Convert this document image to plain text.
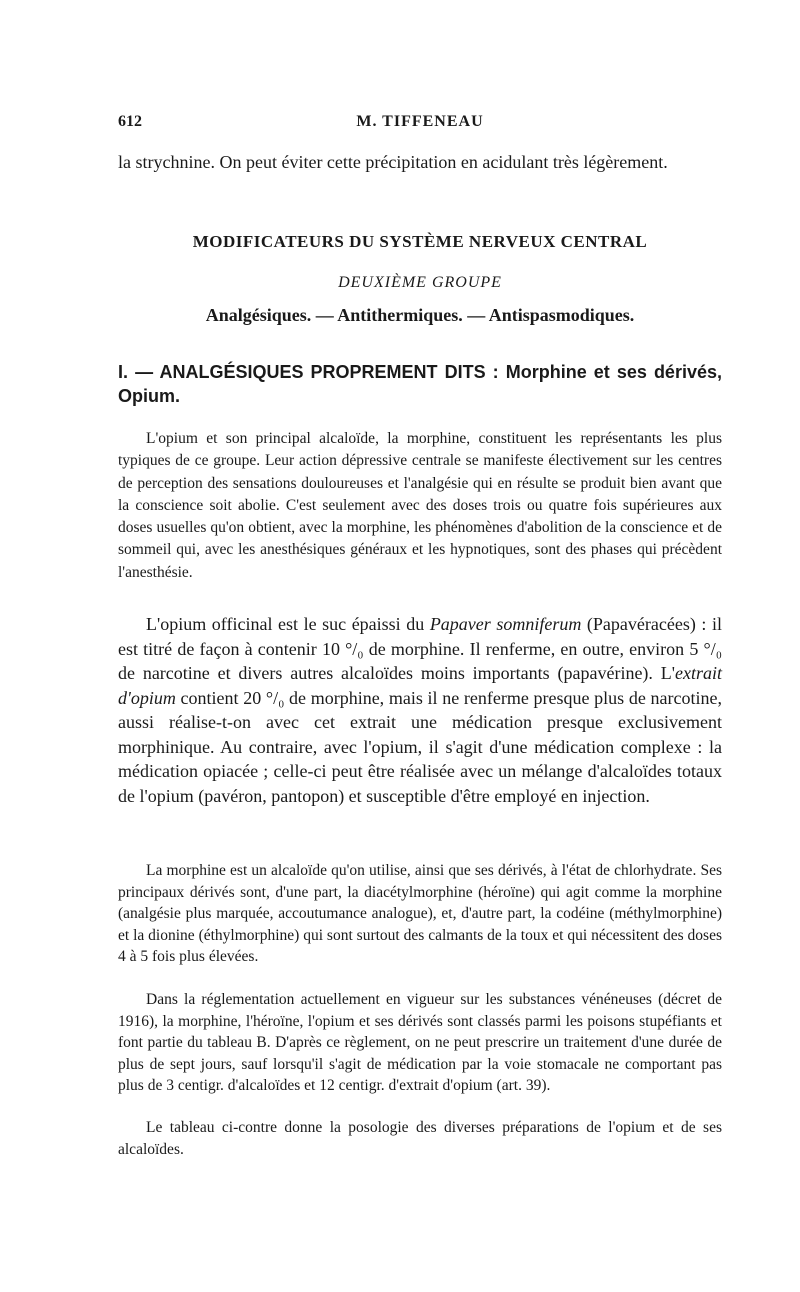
612	M. TIFFENEAU

la strychnine. On peut éviter cette précipitation en acidulant très légèrement.

MODIFICATEURS DU SYSTÈME NERVEUX CENTRAL
DEUXIÈME GROUPE
Analgésiques. — Antithermiques. — Antispasmodiques.

I. — ANALGÉSIQUES PROPREMENT DITS : Morphine et ses dérivés, Opium.

L'opium et son principal alcaloïde, la morphine, constituent les représentants les plus typiques de ce groupe. Leur action dépressive centrale se manifeste électivement sur les centres de perception des sensations douloureuses et l'analgésie qui en résulte se produit bien avant que la conscience soit abolie. C'est seulement avec des doses trois ou quatre fois supérieures aux doses usuelles qu'on obtient, avec la morphine, les phénomènes d'abolition de la conscience et de sommeil qui, avec les anesthésiques généraux et les hypnotiques, sont des phases qui précèdent l'anesthésie.

L'opium officinal est le suc épaissi du Papaver somniferum (Papavéracées) : il est titré de façon à contenir 10 °/₀ de morphine. Il renferme, en outre, environ 5 °/₀ de narcotine et divers autres alcaloïdes moins importants (papavérine). L'extrait d'opium contient 20 °/₀ de morphine, mais il ne renferme presque plus de narcotine, aussi réalise-t-on avec cet extrait une médication presque exclusivement morphinique. Au contraire, avec l'opium, il s'agit d'une médication complexe : la médication opiacée ; celle-ci peut être réalisée avec un mélange d'alcaloïdes totaux de l'opium (pavéron, pantopon) et susceptible d'être employé en injection.

La morphine est un alcaloïde qu'on utilise, ainsi que ses dérivés, à l'état de chlorhydrate. Ses principaux dérivés sont, d'une part, la diacétylmorphine (héroïne) qui agit comme la morphine (analgésie plus marquée, accoutumance analogue), et, d'autre part, la codéine (méthylmorphine) et la dionine (éthylmorphine) qui sont surtout des calmants de la toux et qui nécessitent des doses 4 à 5 fois plus élevées.

Dans la réglementation actuellement en vigueur sur les substances vénéneuses (décret de 1916), la morphine, l'héroïne, l'opium et ses dérivés sont classés parmi les poisons stupéfiants et font partie du tableau B. D'après ce règlement, on ne peut prescrire un traitement d'une durée de plus de sept jours, sauf lorsqu'il s'agit de médication par la voie stomacale ne comportant pas plus de 3 centigr. d'alcaloïdes et 12 centigr. d'extrait d'opium (art. 39).

Le tableau ci-contre donne la posologie des diverses préparations de l'opium et de ses alcaloïdes.
